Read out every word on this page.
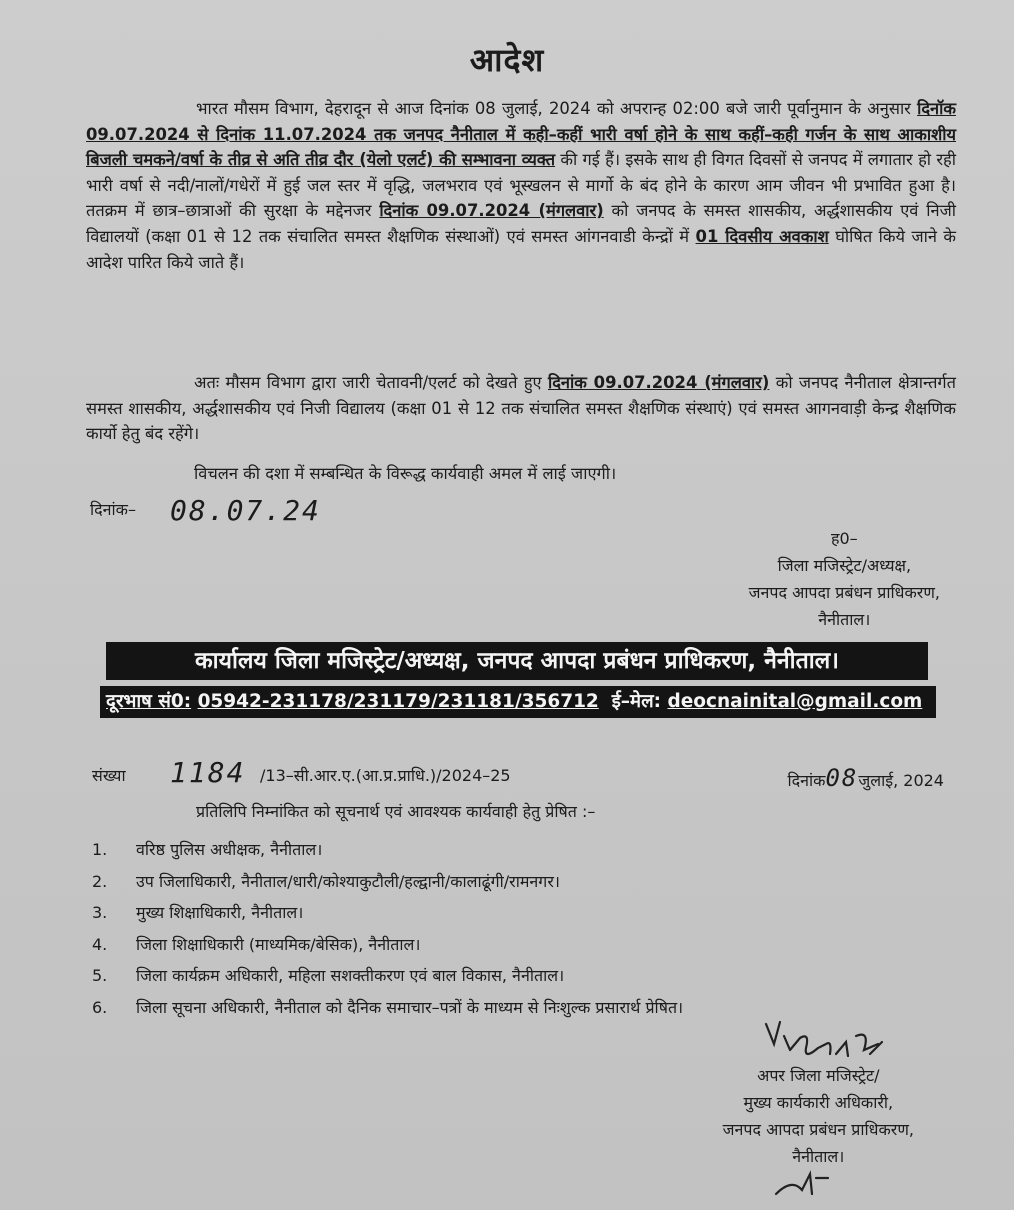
आदेश
भारत मौसम विभाग, देहरादून से आज दिनांक 08 जुलाई, 2024 को अपरान्ह 02:00 बजे जारी पूर्वानुमान के अनुसार दिनॉक 09.07.2024 से दिनांक 11.07.2024 तक जनपद नैनीताल में कही–कहीं भारी वर्षा होने के साथ कहीं–कही गर्जन के साथ आकाशीय बिजली चमकने/वर्षा के तीव्र से अति तीव्र दौर (येलो एलर्ट) की सम्भावना व्यक्त की गई हैं। इसके साथ ही विगत दिवसों से जनपद में लगातार हो रही भारी वर्षा से नदी/नालों/गधेरों में हुई जल स्तर में वृद्धि, जलभराव एवं भूस्खलन से मार्गो के बंद होने के कारण आम जीवन भी प्रभावित हुआ है। ततक्रम में छात्र–छात्राओं की सुरक्षा के मद्देनजर दिनांक 09.07.2024 (मंगलवार) को जनपद के समस्त शासकीय, अर्द्धशासकीय एवं निजी विद्यालयों (कक्षा 01 से 12 तक संचालित समस्त शैक्षणिक संस्थाओं) एवं समस्त आंगनवाडी केन्द्रों में 01 दिवसीय अवकाश घोषित किये जाने के आदेश पारित किये जाते हैं।
अतः मौसम विभाग द्वारा जारी चेतावनी/एलर्ट को देखते हुए दिनांक 09.07.2024 (मंगलवार) को जनपद नैनीताल क्षेत्रान्तर्गत समस्त शासकीय, अर्द्धशासकीय एवं निजी विद्यालय (कक्षा 01 से 12 तक संचालित समस्त शैक्षणिक संस्थाएं) एवं समस्त आगनवाड़ी केन्द्र शैक्षणिक कार्यो हेतु बंद रहेंगे।
विचलन की दशा में सम्बन्धित के विरूद्ध कार्यवाही अमल में लाई जाएगी।
दिनांक– 08.07.24
ह0–
जिला मजिस्ट्रेट/अध्यक्ष,
जनपद आपदा प्रबंधन प्राधिकरण,
नैनीताल।
कार्यालय जिला मजिस्ट्रेट/अध्यक्ष, जनपद आपदा प्रबंधन प्राधिकरण, नैनीताल।
दूरभाष सं0: 05942-231178/231179/231181/356712 ई–मेल: deocnainital@gmail.com
संख्या 1184 /13–सी.आर.ए.(आ.प्र.प्राधि.)/2024–25	दिनांक08जुलाई, 2024
प्रतिलिपि निम्नांकित को सूचनार्थ एवं आवश्यक कार्यवाही हेतु प्रेषित :–
1.	वरिष्ठ पुलिस अधीक्षक, नैनीताल।
2.	उप जिलाधिकारी, नैनीताल/धारी/कोश्याकुटौली/हल्द्वानी/कालाढूंगी/रामनगर।
3.	मुख्य शिक्षाधिकारी, नैनीताल।
4.	जिला शिक्षाधिकारी (माध्यमिक/बेसिक), नैनीताल।
5.	जिला कार्यक्रम अधिकारी, महिला सशक्तीकरण एवं बाल विकास, नैनीताल।
6.	जिला सूचना अधिकारी, नैनीताल को दैनिक समाचार–पत्रों के माध्यम से निःशुल्क प्रसारार्थ प्रेषित।
अपर जिला मजिस्ट्रेट/
मुख्य कार्यकारी अधिकारी,
जनपद आपदा प्रबंधन प्राधिकरण,
नैनीताल।
